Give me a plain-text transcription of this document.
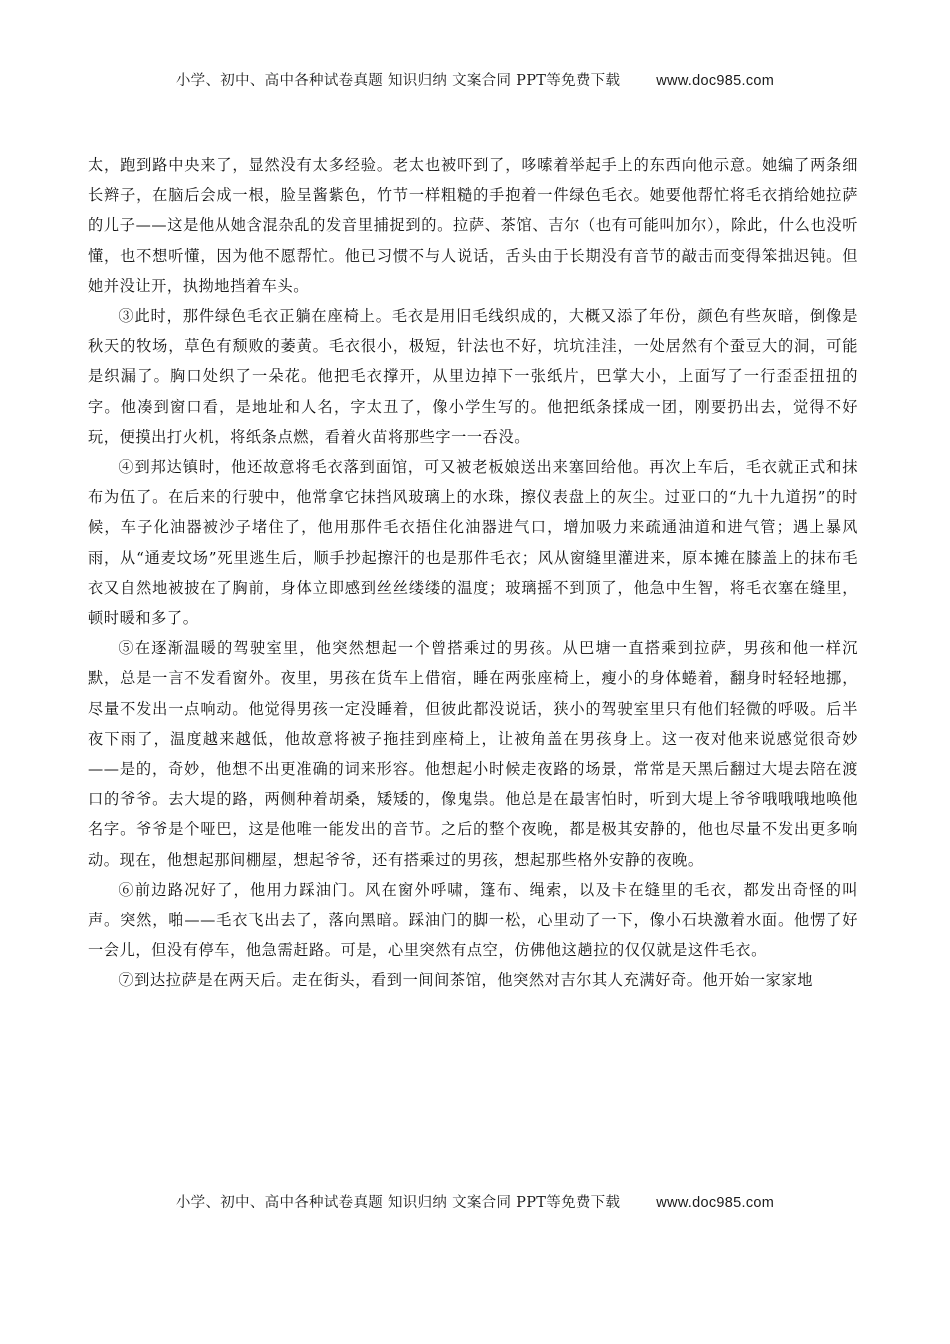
小学、初中、高中各种试卷真题 知识归纳 文案合同 PPT等免费下载 www.doc985.com

太，跑到路中央来了，显然没有太多经验。老太也被吓到了，哆嗦着举起手上的东西向他示意。她编了两条细长辫子，在脑后会成一根，脸呈酱紫色，竹节一样粗糙的手抱着一件绿色毛衣。她要他帮忙将毛衣捎给她拉萨的儿子——这是他从她含混杂乱的发音里捕捉到的。拉萨、茶馆、吉尔（也有可能叫加尔），除此，什么也没听懂，也不想听懂，因为他不愿帮忙。他已习惯不与人说话，舌头由于长期没有音节的敲击而变得笨拙迟钝。但她并没让开，执拗地挡着车头。

③此时，那件绿色毛衣正躺在座椅上。毛衣是用旧毛线织成的，大概又添了年份，颜色有些灰暗，倒像是秋天的牧场，草色有颓败的萎黄。毛衣很小，极短，针法也不好，坑坑洼洼，一处居然有个蚕豆大的洞，可能是织漏了。胸口处织了一朵花。他把毛衣撑开，从里边掉下一张纸片，巴掌大小，上面写了一行歪歪扭扭的字。他凑到窗口看，是地址和人名，字太丑了，像小学生写的。他把纸条揉成一团，刚要扔出去，觉得不好玩，便摸出打火机，将纸条点燃，看着火苗将那些字一一吞没。

④到邦达镇时，他还故意将毛衣落到面馆，可又被老板娘送出来塞回给他。再次上车后，毛衣就正式和抹布为伍了。在后来的行驶中，他常拿它抹挡风玻璃上的水珠，擦仪表盘上的灰尘。过亚口的“九十九道拐”的时候，车子化油器被沙子堵住了，他用那件毛衣捂住化油器进气口，增加吸力来疏通油道和进气管；遇上暴风雨，从“通麦坟场”死里逃生后，顺手抄起擦汗的也是那件毛衣；风从窗缝里灌进来，原本摊在膝盖上的抹布毛衣又自然地被披在了胸前，身体立即感到丝丝缕缕的温度；玻璃摇不到顶了，他急中生智，将毛衣塞在缝里，顿时暖和多了。

⑤在逐渐温暖的驾驶室里，他突然想起一个曾搭乘过的男孩。从巴塘一直搭乘到拉萨，男孩和他一样沉默，总是一言不发看窗外。夜里，男孩在货车上借宿，睡在两张座椅上，瘦小的身体蜷着，翻身时轻轻地挪，尽量不发出一点响动。他觉得男孩一定没睡着，但彼此都没说话，狭小的驾驶室里只有他们轻微的呼吸。后半夜下雨了，温度越来越低，他故意将被子拖挂到座椅上，让被角盖在男孩身上。这一夜对他来说感觉很奇妙——是的，奇妙，他想不出更准确的词来形容。他想起小时候走夜路的场景，常常是天黑后翻过大堤去陪在渡口的爷爷。去大堤的路，两侧种着胡桑，矮矮的，像鬼祟。他总是在最害怕时，听到大堤上爷爷哦哦哦地唤他名字。爷爷是个哑巴，这是他唯一能发出的音节。之后的整个夜晚，都是极其安静的，他也尽量不发出更多响动。现在，他想起那间棚屋，想起爷爷，还有搭乘过的男孩，想起那些格外安静的夜晚。

⑥前边路况好了，他用力踩油门。风在窗外呼啸，篷布、绳索，以及卡在缝里的毛衣，都发出奇怪的叫声。突然，啪——毛衣飞出去了，落向黑暗。踩油门的脚一松，心里动了一下，像小石块激着水面。他愣了好一会儿，但没有停车，他急需赶路。可是，心里突然有点空，仿佛他这趟拉的仅仅就是这件毛衣。

⑦到达拉萨是在两天后。走在街头，看到一间间茶馆，他突然对吉尔其人充满好奇。他开始一家家地

小学、初中、高中各种试卷真题 知识归纳 文案合同 PPT等免费下载 www.doc985.com
